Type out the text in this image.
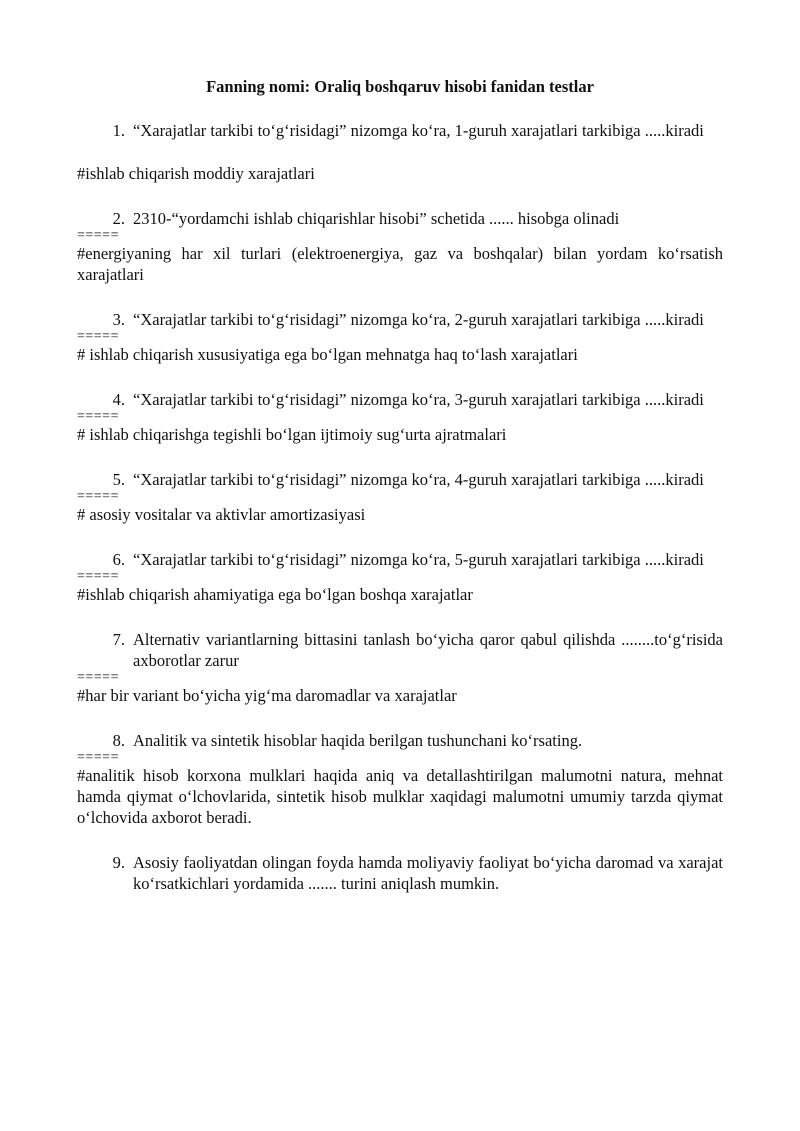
Fanning nomi: Oraliq boshqaruv hisobi fanidan testlar
1. “Xarajatlar tarkibi to‘g‘risidagi” nizomga ko‘ra, 1-guruh xarajatlari tarkibiga .....kiradi
#ishlab chiqarish moddiy xarajatlari
2. 2310-“yordamchi ishlab chiqarishlar hisobi” schetida ...... hisobga olinadi
=====
#energiyaning har xil turlari (elektroenergiya, gaz va boshqalar) bilan yordam ko‘rsatish xarajatlari
3. “Xarajatlar tarkibi to‘g‘risidagi” nizomga ko‘ra, 2-guruh xarajatlari tarkibiga .....kiradi
=====
# ishlab chiqarish xususiyatiga ega bo‘lgan mehnatga haq to‘lash xarajatlari
4. “Xarajatlar tarkibi to‘g‘risidagi” nizomga ko‘ra, 3-guruh xarajatlari tarkibiga .....kiradi
=====
# ishlab chiqarishga tegishli bo‘lgan ijtimoiy sug‘urta ajratmalari
5. “Xarajatlar tarkibi to‘g‘risidagi” nizomga ko‘ra, 4-guruh xarajatlari tarkibiga .....kiradi
=====
# asosiy vositalar va aktivlar amortizasiyasi
6. “Xarajatlar tarkibi to‘g‘risidagi” nizomga ko‘ra, 5-guruh xarajatlari tarkibiga .....kiradi
=====
#ishlab chiqarish ahamiyatiga ega bo‘lgan boshqa xarajatlar
7. Alternativ variantlarning bittasini tanlash bo‘yicha qaror qabul qilishda ........to‘g‘risida axborotlar zarur
=====
#har bir variant bo‘yicha yig‘ma daromadlar va xarajatlar
8. Analitik va sintetik hisoblar haqida berilgan tushunchani ko‘rsating.
=====
#analitik hisob korxona mulklari haqida aniq va detallashtirilgan malumotni natura, mehnat hamda qiymat o‘lchovlarida, sintetik hisob mulklar xaqidagi malumotni umumiy tarzda qiymat o‘lchovida axborot beradi.
9. Asosiy faoliyatdan olingan foyda hamda moliyaviy faoliyat bo‘yicha daromad va xarajat ko‘rsatkichlari yordamida ....... turini aniqlash mumkin.
